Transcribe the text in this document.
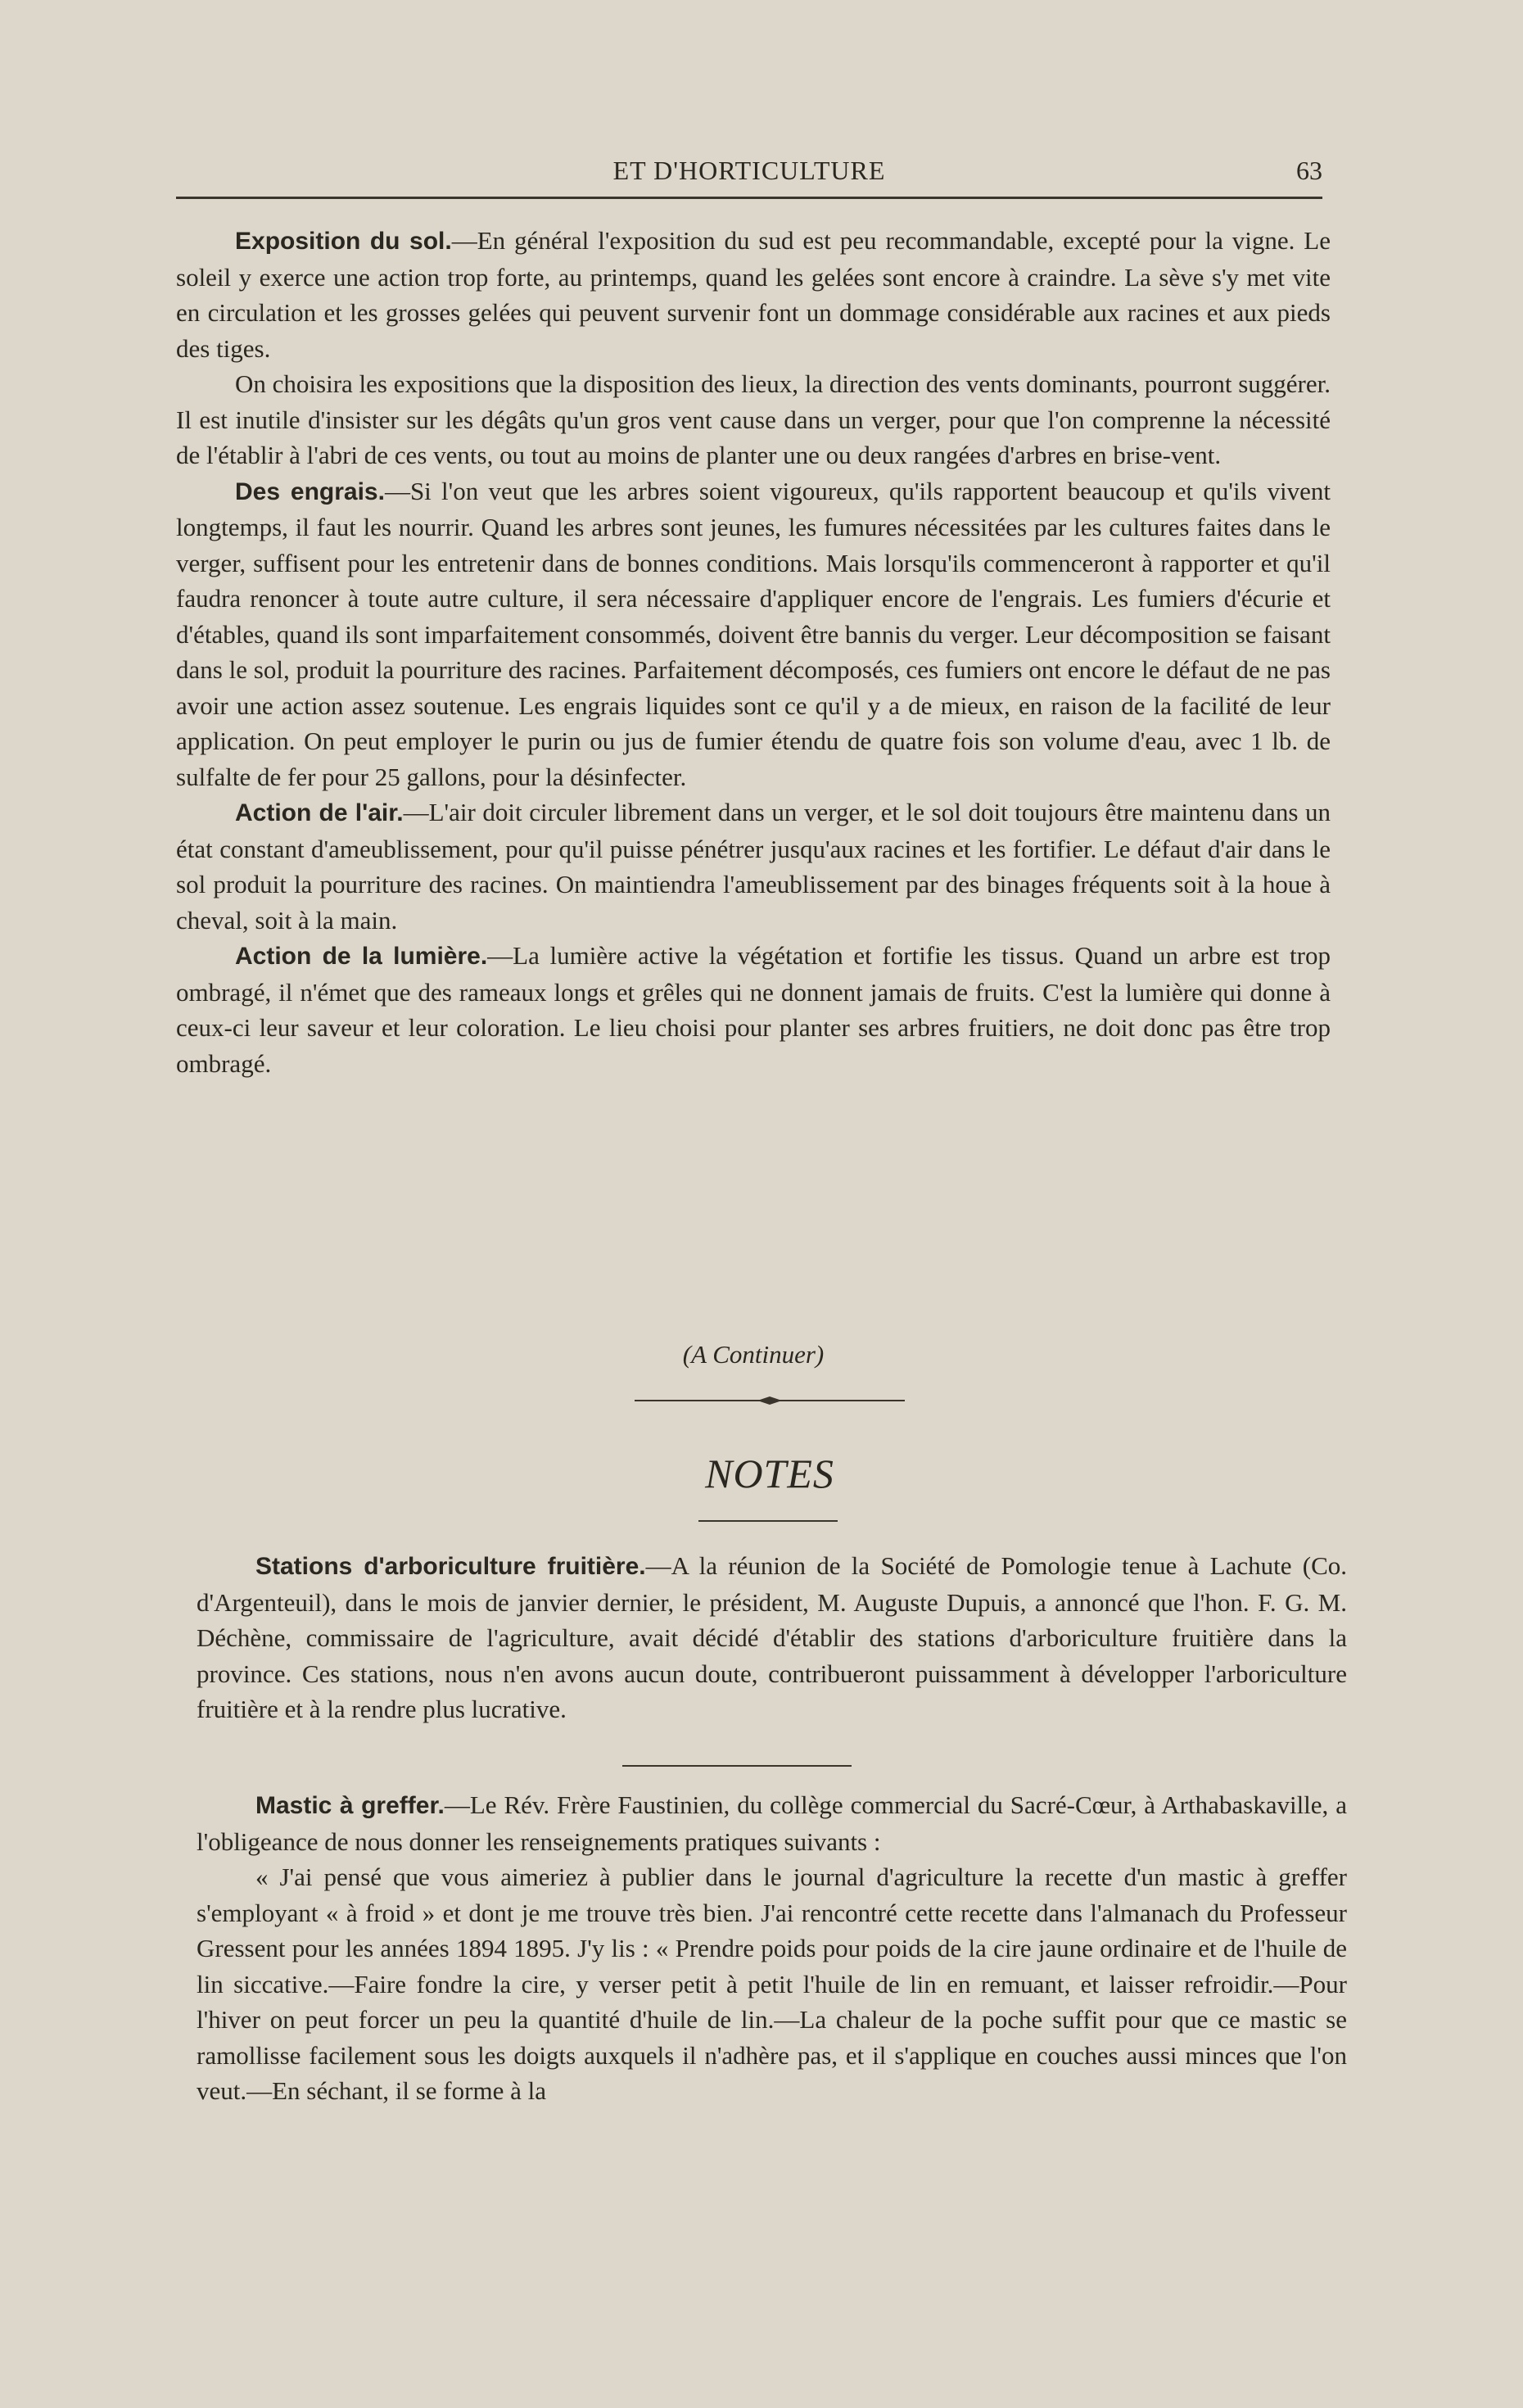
ET D'HORTICULTURE	63

Exposition du sol.—En général l'exposition du sud est peu recommandable, excepté pour la vigne. Le soleil y exerce une action trop forte, au printemps, quand les gelées sont encore à craindre. La sève s'y met vite en circulation et les grosses gelées qui peuvent survenir font un dommage considérable aux racines et aux pieds des tiges.

On choisira les expositions que la disposition des lieux, la direction des vents dominants, pourront suggérer. Il est inutile d'insister sur les dégâts qu'un gros vent cause dans un verger, pour que l'on comprenne la nécessité de l'établir à l'abri de ces vents, ou tout au moins de planter une ou deux rangées d'arbres en brise-vent.

Des engrais.—Si l'on veut que les arbres soient vigoureux, qu'ils rapportent beaucoup et qu'ils vivent longtemps, il faut les nourrir. Quand les arbres sont jeunes, les fumures nécessitées par les cultures faites dans le verger, suffisent pour les entretenir dans de bonnes conditions. Mais lorsqu'ils commenceront à rapporter et qu'il faudra renoncer à toute autre culture, il sera nécessaire d'appliquer encore de l'engrais. Les fumiers d'écurie et d'étables, quand ils sont imparfaitement consommés, doivent être bannis du verger. Leur décomposition se faisant dans le sol, produit la pourriture des racines. Parfaitement décomposés, ces fumiers ont encore le défaut de ne pas avoir une action assez soutenue. Les engrais liquides sont ce qu'il y a de mieux, en raison de la facilité de leur application. On peut employer le purin ou jus de fumier étendu de quatre fois son volume d'eau, avec 1 lb. de sulfalte de fer pour 25 gallons, pour la désinfecter.

Action de l'air.—L'air doit circuler librement dans un verger, et le sol doit toujours être maintenu dans un état constant d'ameublissement, pour qu'il puisse pénétrer jusqu'aux racines et les fortifier. Le défaut d'air dans le sol produit la pourriture des racines. On maintiendra l'ameublissement par des binages fréquents soit à la houe à cheval, soit à la main.

Action de la lumière.—La lumière active la végétation et fortifie les tissus. Quand un arbre est trop ombragé, il n'émet que des rameaux longs et grêles qui ne donnent jamais de fruits. C'est la lumière qui donne à ceux-ci leur saveur et leur coloration. Le lieu choisi pour planter ses arbres fruitiers, ne doit donc pas être trop ombragé.

(A Continuer)
NOTES

Stations d'arboriculture fruitière.—A la réunion de la Société de Pomologie tenue à Lachute (Co. d'Argenteuil), dans le mois de janvier dernier, le président, M. Auguste Dupuis, a annoncé que l'hon. F. G. M. Déchène, commissaire de l'agriculture, avait décidé d'établir des stations d'arboriculture fruitière dans la province. Ces stations, nous n'en avons aucun doute, contribueront puissamment à développer l'arboriculture fruitière et à la rendre plus lucrative.

Mastic à greffer.—Le Rév. Frère Faustinien, du collège commercial du Sacré-Cœur, à Arthabaskaville, a l'obligeance de nous donner les renseignements pratiques suivants :

« J'ai pensé que vous aimeriez à publier dans le journal d'agriculture la recette d'un mastic à greffer s'employant « à froid » et dont je me trouve très bien. J'ai rencontré cette recette dans l'almanach du Professeur Gressent pour les années 1894 1895. J'y lis : « Prendre poids pour poids de la cire jaune ordinaire et de l'huile de lin siccative.—Faire fondre la cire, y verser petit à petit l'huile de lin en remuant, et laisser refroidir.—Pour l'hiver on peut forcer un peu la quantité d'huile de lin.—La chaleur de la poche suffit pour que ce mastic se ramollisse facilement sous les doigts auxquels il n'adhère pas, et il s'applique en couches aussi minces que l'on veut.—En séchant, il se forme à la
